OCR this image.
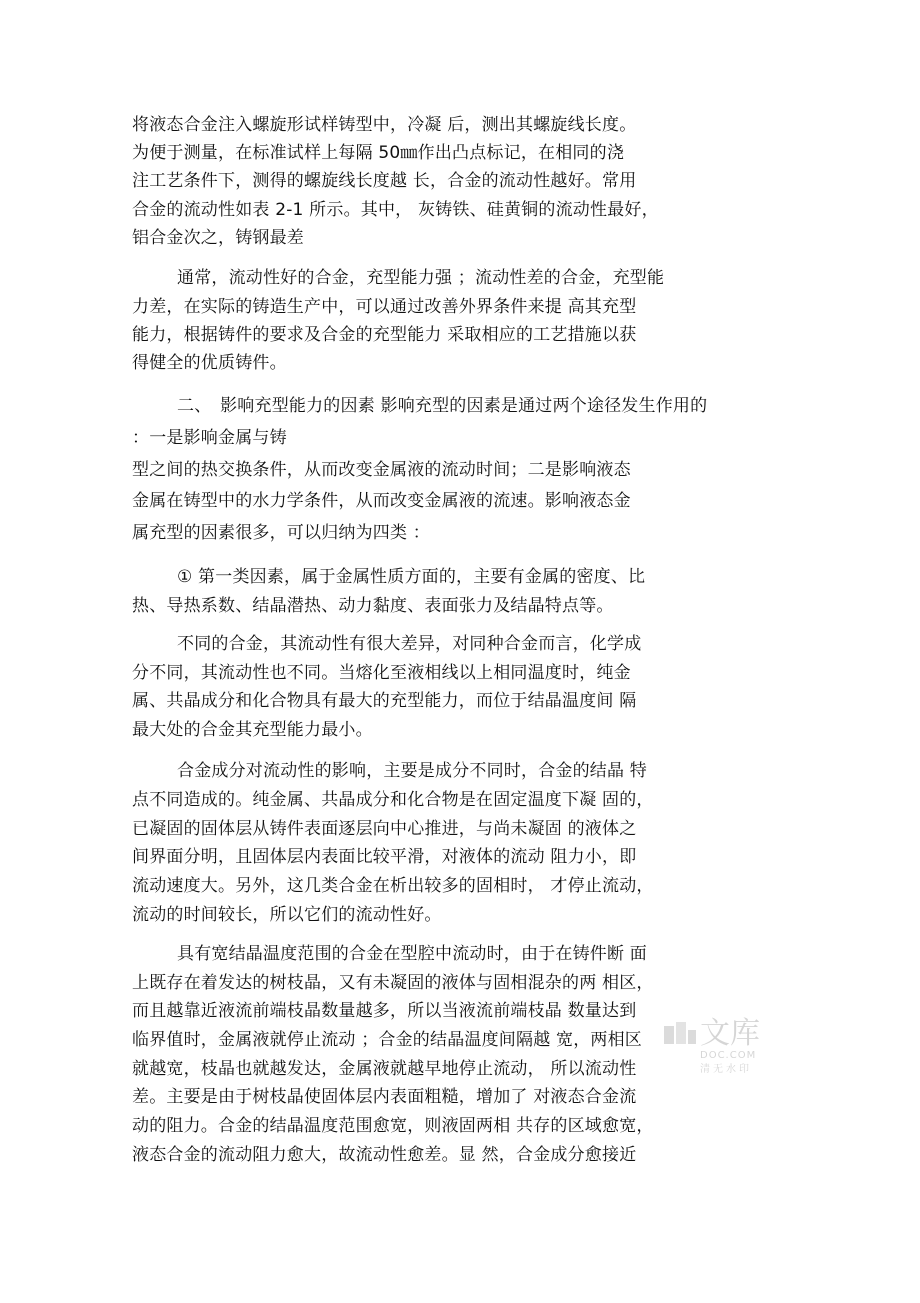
将液态合金注入螺旋形试样铸型中，冷凝 后，测出其螺旋线长度。
为便于测量，在标准试样上每隔 50㎜作出凸点标记，在相同的浇
注工艺条件下，测得的螺旋线长度越 长，合金的流动性越好。常用
合金的流动性如表 2-1 所示。其中， 灰铸铁、硅黄铜的流动性最好，
铝合金次之，铸钢最差
通常，流动性好的合金，充型能力强 ；流动性差的合金，充型能
力差，在实际的铸造生产中，可以通过改善外界条件来提 高其充型
能力，根据铸件的要求及合金的充型能力 采取相应的工艺措施以获
得健全的优质铸件。
二、　影响充型能力的因素 影响充型的因素是通过两个途径发生作用的
：一是影响金属与铸
型之间的热交换条件，从而改变金属液的流动时间；二是影响液态
金属在铸型中的水力学条件，从而改变金属液的流速。影响液态金
属充型的因素很多，可以归纳为四类 ：
① 第一类因素，属于金属性质方面的，主要有金属的密度、比
热、导热系数、结晶潜热、动力黏度、表面张力及结晶特点等。
不同的合金，其流动性有很大差异，对同种合金而言，化学成
分不同，其流动性也不同。当熔化至液相线以上相同温度时，纯金
属、共晶成分和化合物具有最大的充型能力，而位于结晶温度间 隔
最大处的合金其充型能力最小。
合金成分对流动性的影响，主要是成分不同时，合金的结晶 特
点不同造成的。纯金属、共晶成分和化合物是在固定温度下凝 固的，
已凝固的固体层从铸件表面逐层向中心推进，与尚未凝固 的液体之
间界面分明，且固体层内表面比较平滑，对液体的流动 阻力小，即
流动速度大。另外，这几类合金在析出较多的固相时， 才停止流动，
流动的时间较长，所以它们的流动性好。
具有宽结晶温度范围的合金在型腔中流动时，由于在铸件断 面
上既存在着发达的树枝晶，又有未凝固的液体与固相混杂的两 相区，
而且越靠近液流前端枝晶数量越多，所以当液流前端枝晶 数量达到
临界值时，金属液就停止流动 ；合金的结晶温度间隔越 宽，两相区
就越宽，枝晶也就越发达，金属液就越早地停止流动， 所以流动性
差。主要是由于树枝晶使固体层内表面粗糙，增加了 对液态合金流
动的阻力。合金的结晶温度范围愈宽，则液固两相 共存的区域愈宽，
液态合金的流动阻力愈大，故流动性愈差。显 然，合金成分愈接近
文库
DOC.COM
清无水印
